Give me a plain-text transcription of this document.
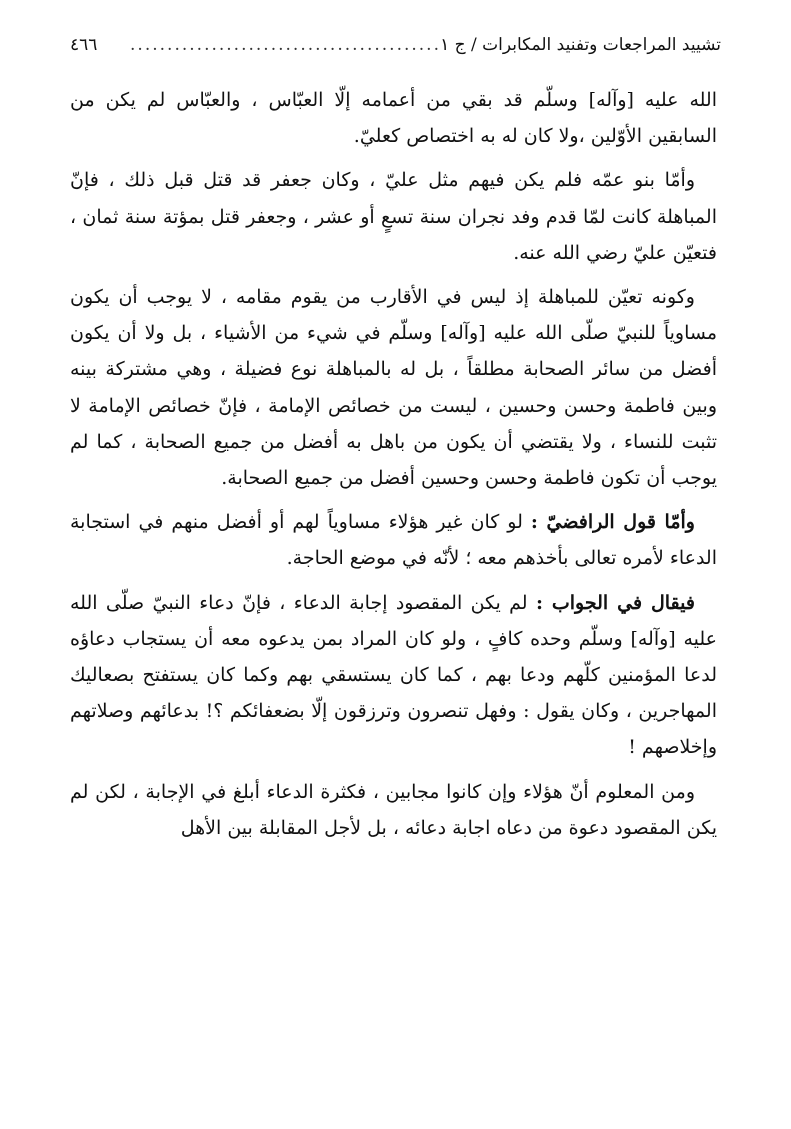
تشييد المراجعات وتفنيد المكابرات / ج ١
..........................................
٤٦٦

الله عليه [وآله] وسلّم قد بقي من أعمامه إلّا العبّاس ، والعبّاس لم يكن من السابقين الأوّلين ،ولا كان له به اختصاص كعليّ.

وأمّا بنو عمّه فلم يكن فيهم مثل عليّ ، وكان جعفر قد قتل قبل ذلك ، فإنّ المباهلة كانت لمّا قدم وفد نجران سنة تسعٍ أو عشر ، وجعفر قتل بمؤتة سنة ثمان ، فتعيّن عليّ رضي الله عنه.

وكونه تعيّن للمباهلة إذ ليس في الأقارب من يقوم مقامه ، لا يوجب أن يكون مساوياً للنبيّ صلّى الله عليه [وآله] وسلّم في شيء من الأشياء ، بل ولا أن يكون أفضل من سائر الصحابة مطلقاً ، بل له بالمباهلة نوع فضيلة ، وهي مشتركة بينه وبين فاطمة وحسن وحسين ، ليست من خصائص الإمامة ، فإنّ خصائص الإمامة لا تثبت للنساء ، ولا يقتضي أن يكون من باهل به أفضل من جميع الصحابة ، كما لم يوجب أن تكون فاطمة وحسن وحسين أفضل من جميع الصحابة.

وأمّا قول الرافضيّ : لو كان غير هؤلاء مساوياً لهم أو أفضل منهم في استجابة الدعاء لأمره تعالى بأخذهم معه ؛ لأنّه في موضع الحاجة.

فيقال في الجواب : لم يكن المقصود إجابة الدعاء ، فإنّ دعاء النبيّ صلّى الله عليه [وآله] وسلّم وحده كافٍ ، ولو كان المراد بمن يدعوه معه أن يستجاب دعاؤه لدعا المؤمنين كلّهم ودعا بهم ، كما كان يستسقي بهم وكما كان يستفتح بصعاليك المهاجرين ، وكان يقول : وفهل تنصرون وترزقون إلّا بضعفائكم ؟! بدعائهم وصلاتهم وإخلاصهم !

ومن المعلوم أنّ هؤلاء وإن كانوا مجابين ، فكثرة الدعاء أبلغ في الإجابة ، لكن لم يكن المقصود دعوة من دعاه اجابة دعائه ، بل لأجل المقابلة بين الأهل
